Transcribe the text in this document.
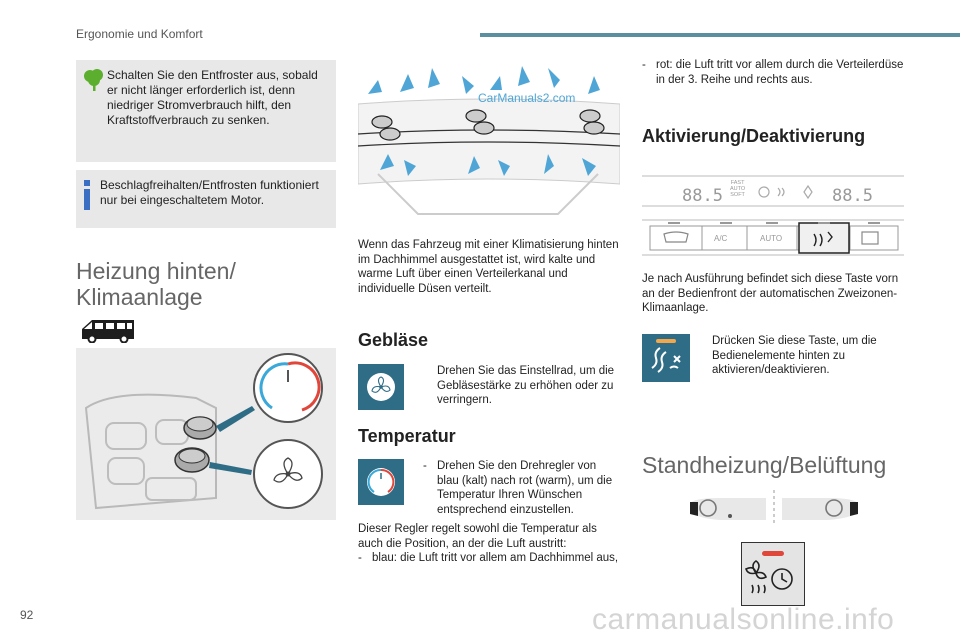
Ergonomie und Komfort
Schalten Sie den Entfroster aus, sobald er nicht länger erforderlich ist, denn niedriger Stromverbrauch hilft, den Kraftstoffverbrauch zu senken.
Beschlagfreihalten/Entfrosten funktioniert nur bei eingeschaltetem Motor.
Heizung hinten/
Klimaanlage
CarManuals2.com
Wenn das Fahrzeug mit einer Klimatisierung hinten im Dachhimmel ausgestattet ist, wird kalte und warme Luft über einen Verteilerkanal und individuelle Düsen verteilt.
Gebläse
Drehen Sie das Einstellrad, um die Gebläsestärke zu erhöhen oder zu verringern.
Temperatur
- Drehen Sie den Drehregler von blau (kalt) nach rot (warm), um die Temperatur Ihren Wünschen entsprechend einzustellen.
Dieser Regler regelt sowohl die Temperatur als auch die Position, an der die Luft austritt:
- blau: die Luft tritt vor allem am Dachhimmel aus,
- rot: die Luft tritt vor allem durch die Verteilerdüse in der 3. Reihe und rechts aus.
Aktivierung/Deaktivierung
88.5	88.5
FAST
AUTO
SOFT
A/C	AUTO
Je nach Ausführung befindet sich diese Taste vorn an der Bedienfront der automatischen Zweizonen-Klimaanlage.
Drücken Sie diese Taste, um die Bedienelemente hinten zu aktivieren/deaktivieren.
Standheizung/Belüftung
92	carmanualsonline.info
